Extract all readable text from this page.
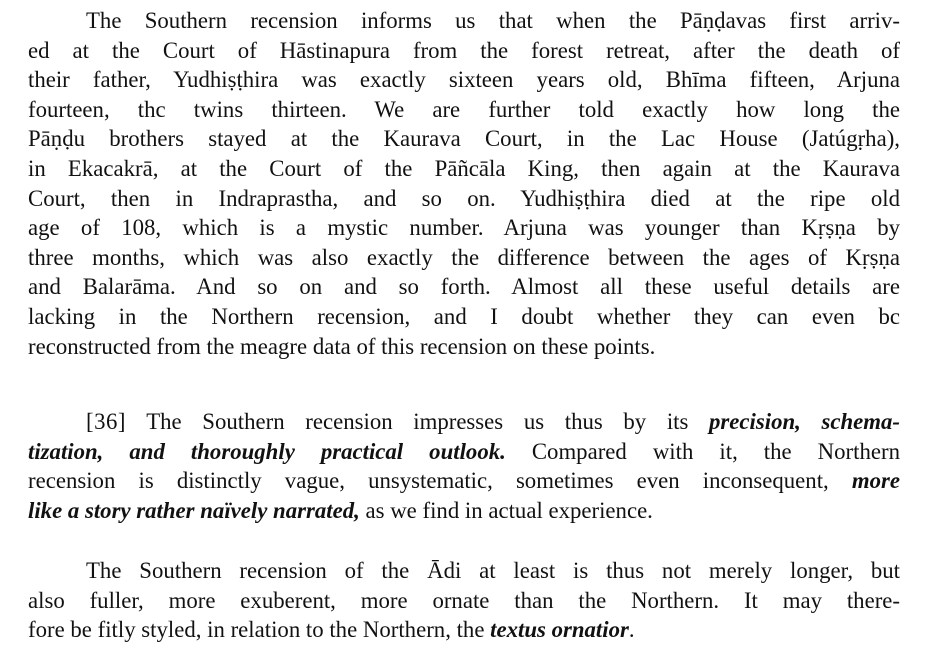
The Southern recension informs us that when the Pāṇḍavas first arriv-
ed at the Court of Hāstinapura from the forest retreat, after the death of
their father, Yudhiṣṭhira was exactly sixteen years old, Bhīma fifteen, Arjuna
fourteen, thc twins thirteen. We are further told exactly how long the
Pāṇḍu brothers stayed at the Kaurava Court, in the Lac House (Jatúgṛha),
in Ekacakrā, at the Court of the Pāñcāla King, then again at the Kaurava
Court, then in Indraprastha, and so on. Yudhiṣṭhira died at the ripe old
age of 108, which is a mystic number. Arjuna was younger than Kṛṣṇa by
three months, which was also exactly the difference between the ages of Kṛṣṇa
and Balarāma. And so on and so forth. Almost all these useful details are
lacking in the Northern recension, and I doubt whether they can even bc
reconstructed from the meagre data of this recension on these points.
[36] The Southern recension impresses us thus by its precision, schema-
tization, and thoroughly practical outlook. Compared with it, the Northern
recension is distinctly vague, unsystematic, sometimes even inconsequent, more
like a story rather naïvely narrated, as we find in actual experience.
The Southern recension of the Ādi at least is thus not merely longer, but
also fuller, more exuberent, more ornate than the Northern. It may there-
fore be fitly styled, in relation to the Northern, the textus ornatior.
